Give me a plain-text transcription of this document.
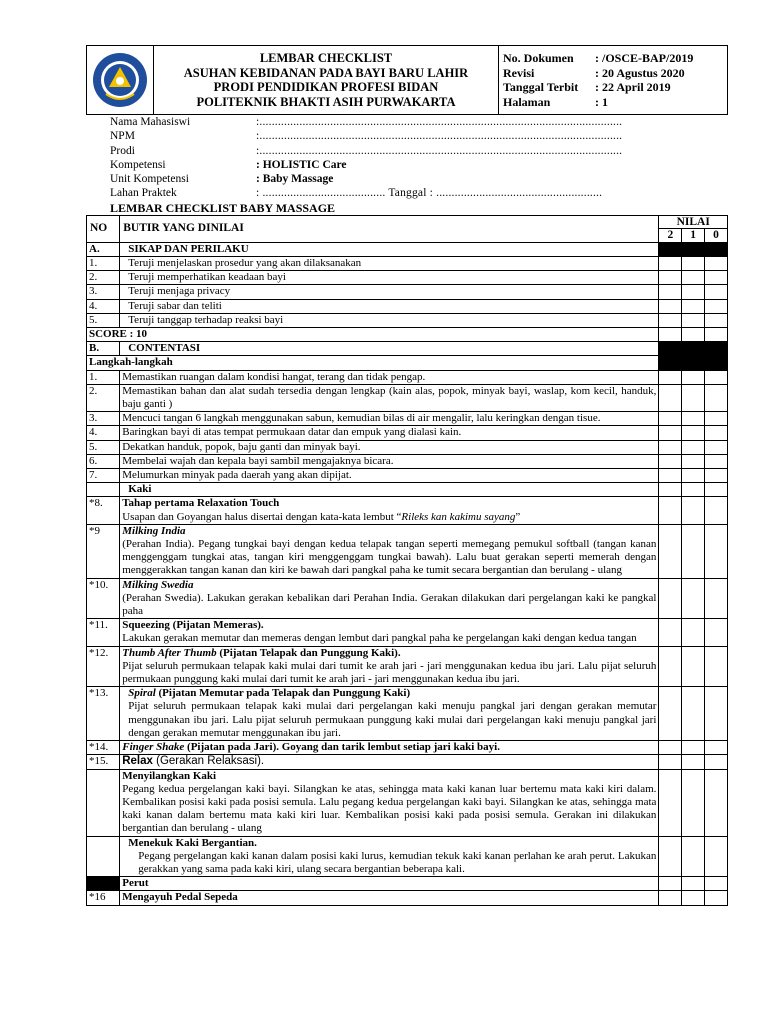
LEMBAR CHECKLIST
ASUHAN KEBIDANAN PADA BAYI BARU LAHIR
PRODI PENDIDIKAN PROFESI BIDAN
POLITEKNIK BHAKTI ASIH PURWAKARTA

No. Dokumen	: /OSCE-BAP/2019
Revisi	: 20 Agustus 2020
Tanggal Terbit	: 22 April 2019
Halaman	: 1
Nama Mahasiswi	:......................................................................................................................
NPM	:......................................................................................................................
Prodi	:......................................................................................................................
Kompetensi	: HOLISTIC Care
Unit Kompetensi	: Baby Massage
Lahan Praktek	: ........................................ Tanggal : ......................................................
LEMBAR CHECKLIST BABY MASSAGE
NO	BUTIR YANG DINILAI	NILAI		
		2	1	0
A.	SIKAP DAN PERILAKU			
1.	Teruji menjelaskan prosedur yang akan dilaksanakan			
2.	Teruji memperhatikan keadaan bayi			
3.	Teruji menjaga privacy			
4.	Teruji sabar dan teliti			
5.	Teruji tanggap terhadap reaksi bayi			
SCORE : 10				
B.	CONTENTASI			
Langkah-langkah				
1.	Memastikan ruangan dalam kondisi hangat, terang dan tidak pengap.			
2.	Memastikan bahan dan alat sudah tersedia dengan lengkap (kain alas, popok, minyak bayi, waslap, kom kecil, handuk, baju ganti )			
3.	Mencuci tangan 6 langkah menggunakan sabun, kemudian bilas di air mengalir, lalu keringkan dengan tisue.			
4.	Baringkan bayi di atas tempat permukaan datar dan empuk yang dialasi kain.			
5.	Dekatkan handuk, popok, baju ganti dan minyak bayi.			
6.	Membelai wajah dan kepala bayi sambil mengajaknya bicara.			
7.	Melumurkan minyak pada daerah yang akan dipijat.			
	Kaki			
*8.	Tahap pertama Relaxation Touch
Usapan dan Goyangan halus disertai dengan kata-kata lembut “Rileks kan kakimu sayang”			

*9	Milking India
(Perahan India). Pegang tungkai bayi dengan kedua telapak tangan seperti memegang pemukul softball (tangan kanan menggenggam tungkai atas, tangan kiri menggenggam tungkai bawah). Lalu buat gerakan seperti memerah dengan menggerakkan tangan kanan dan kiri ke bawah dari pangkal paha ke tumit secara bergantian dan berulang - ulang			

*10.	Milking Swedia
(Perahan Swedia). Lakukan gerakan kebalikan dari Perahan India. Gerakan dilakukan dari pergelangan kaki ke pangkal paha			

*11.	Squeezing (Pijatan Memeras).
Lakukan gerakan memutar dan memeras dengan lembut dari pangkal paha ke pergelangan kaki dengan kedua tangan			

*12.	Thumb After Thumb (Pijatan Telapak dan Punggung Kaki).
Pijat seluruh permukaan telapak kaki mulai dari tumit ke arah jari - jari menggunakan kedua ibu jari. Lalu pijat seluruh permukaan punggung kaki mulai dari tumit ke arah jari - jari menggunakan kedua ibu jari.			

*13.	Spiral (Pijatan Memutar pada Telapak dan Punggung Kaki)
Pijat seluruh permukaan telapak kaki mulai dari pergelangan kaki menuju pangkal jari dengan gerakan memutar menggunakan ibu jari. Lalu pijat seluruh permukaan punggung kaki mulai dari pergelangan kaki menuju pangkal jari dengan gerakan memutar menggunakan ibu jari.			

*14.	Finger Shake (Pijatan pada Jari). Goyang dan tarik lembut setiap jari kaki bayi.			
*15.	Relax (Gerakan Relaksasi).			

	Menyilangkan Kaki
Pegang kedua pergelangan kaki bayi. Silangkan ke atas, sehingga mata kaki kanan luar bertemu mata kaki kiri dalam. Kembalikan posisi kaki pada posisi semula. Lalu pegang kedua pergelangan kaki bayi. Silangkan ke atas, sehingga mata kaki kanan dalam bertemu mata kaki kiri luar. Kembalikan posisi kaki pada posisi semula. Gerakan ini dilakukan bergantian dan berulang - ulang			

	Menekuk Kaki Bergantian.
Pegang pergelangan kaki kanan dalam posisi kaki lurus, kemudian tekuk kaki kanan perlahan ke arah perut. Lakukan gerakkan yang sama pada kaki kiri, ulang secara bergantian beberapa kali.			

	Perut			
*16	Mengayuh Pedal Sepeda			
